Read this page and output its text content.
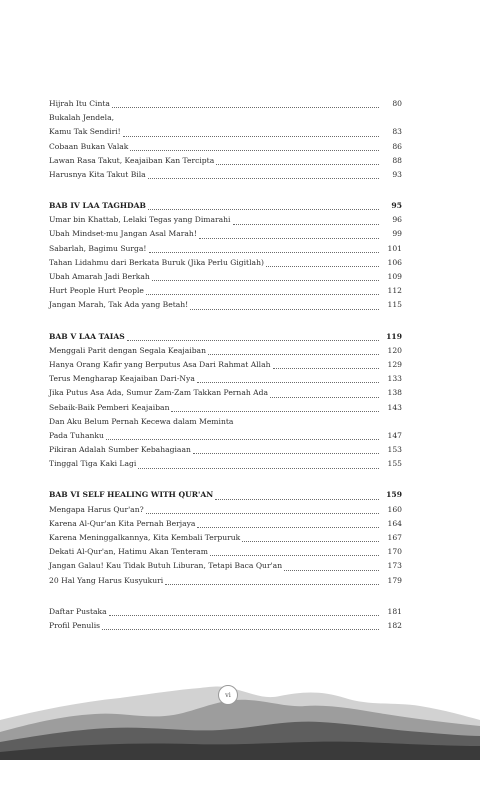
Hijrah Itu Cinta	80
Bukalah Jendela,
Kamu Tak Sendiri!	83
Cobaan Bukan Valak	86
Lawan Rasa Takut, Keajaiban Kan Tercipta	88
Harusnya Kita Takut Bila	93
BAB IV LAA TAGHDAB	95
Umar bin Khattab, Lelaki Tegas yang Dimarahi	96
Ubah Mindset-mu Jangan Asal Marah!	99
Sabarlah, Bagimu Surga!	101
Tahan Lidahmu dari Berkata Buruk (Jika Perlu Gigitlah)	106
Ubah Amarah Jadi Berkah	109
Hurt People Hurt People	112
Jangan Marah, Tak Ada yang Betah!	115
BAB V LAA TAIAS	119
Menggali Parit dengan Segala Keajaiban	120
Hanya Orang Kafir yang Berputus Asa Dari Rahmat Allah	129
Terus Mengharap Keajaiban Dari-Nya	133
Jika Putus Asa Ada, Sumur Zam-Zam Takkan Pernah Ada	138
Sebaik-Baik Pemberi Keajaiban	143
Dan Aku Belum Pernah Kecewa dalam Meminta
Pada Tuhanku	147
Pikiran Adalah Sumber Kebahagiaan	153
Tinggal Tiga Kaki Lagi	155
BAB VI SELF HEALING WITH QUR'AN	159
Mengapa Harus Qur'an?	160
Karena Al-Qur'an Kita Pernah Berjaya	164
Karena Meninggalkannya, Kita Kembali Terpuruk	167
Dekati Al-Qur'an, Hatimu Akan Tenteram	170
Jangan Galau! Kau Tidak Butuh Liburan, Tetapi Baca Qur'an	173
20 Hal Yang Harus Kusyukuri	179
Daftar Pustaka	181
Profil Penulis	182
vi
